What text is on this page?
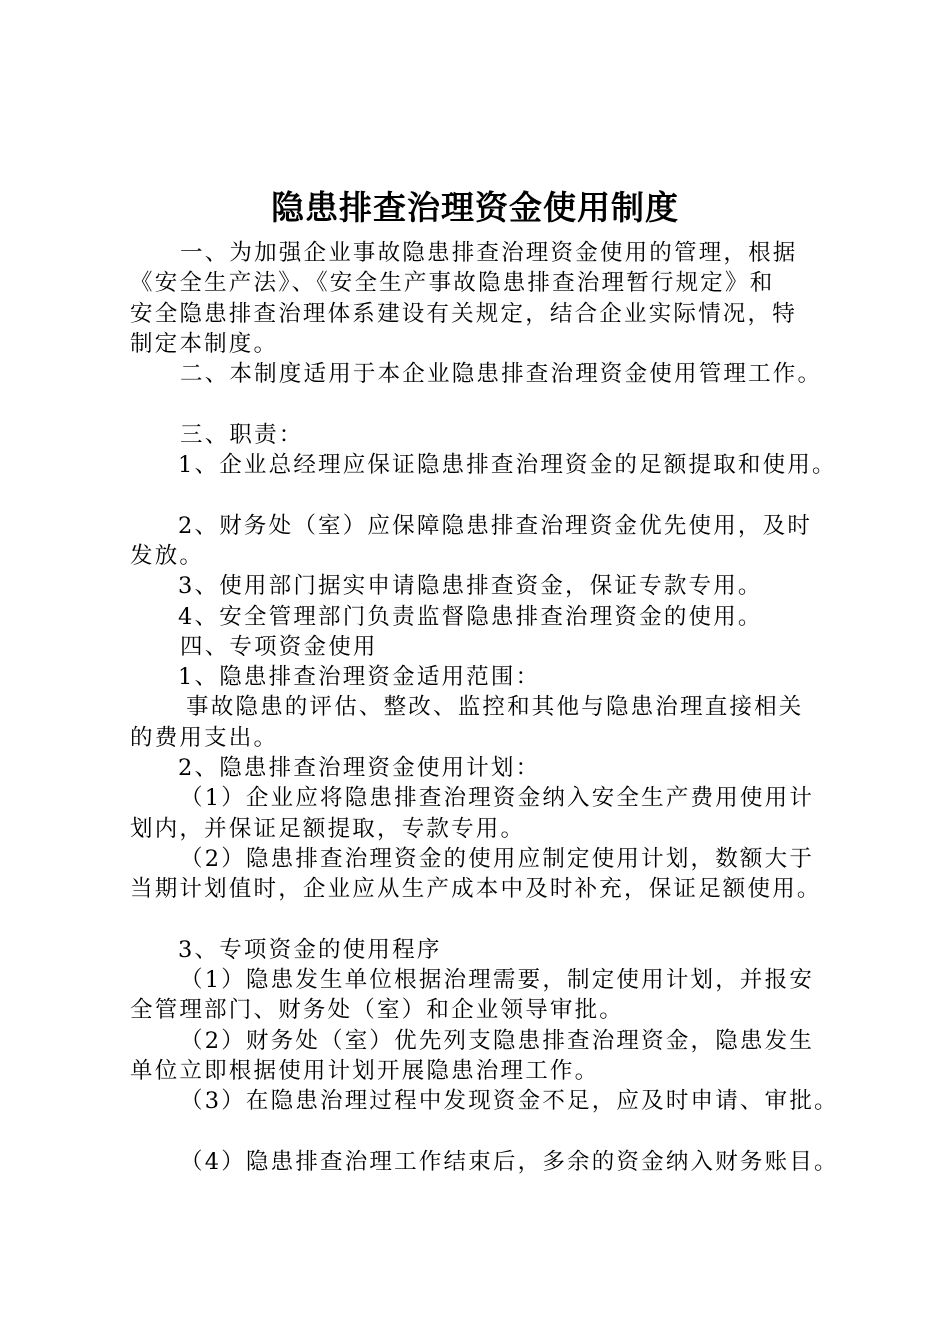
隐患排查治理资金使用制度
一、为加强企业事故隐患排查治理资金使用的管理，根据
《安全生产法》、《安全生产事故隐患排查治理暂行规定》和
安全隐患排查治理体系建设有关规定，结合企业实际情况，特
制定本制度。
二、本制度适用于本企业隐患排查治理资金使用管理工作。
三、职责：
1、企业总经理应保证隐患排查治理资金的足额提取和使用。
2、财务处（室）应保障隐患排查治理资金优先使用，及时
发放。
3、使用部门据实申请隐患排查资金，保证专款专用。
4、安全管理部门负责监督隐患排查治理资金的使用。
四、专项资金使用
1、隐患排查治理资金适用范围：
事故隐患的评估、整改、监控和其他与隐患治理直接相关
的费用支出。
2、隐患排查治理资金使用计划：
（1）企业应将隐患排查治理资金纳入安全生产费用使用计
划内，并保证足额提取，专款专用。
（2）隐患排查治理资金的使用应制定使用计划，数额大于
当期计划值时，企业应从生产成本中及时补充，保证足额使用。
3、专项资金的使用程序
（1）隐患发生单位根据治理需要，制定使用计划，并报安
全管理部门、财务处（室）和企业领导审批。
（2）财务处（室）优先列支隐患排查治理资金，隐患发生
单位立即根据使用计划开展隐患治理工作。
（3）在隐患治理过程中发现资金不足，应及时申请、审批。
（4）隐患排查治理工作结束后，多余的资金纳入财务账目。
